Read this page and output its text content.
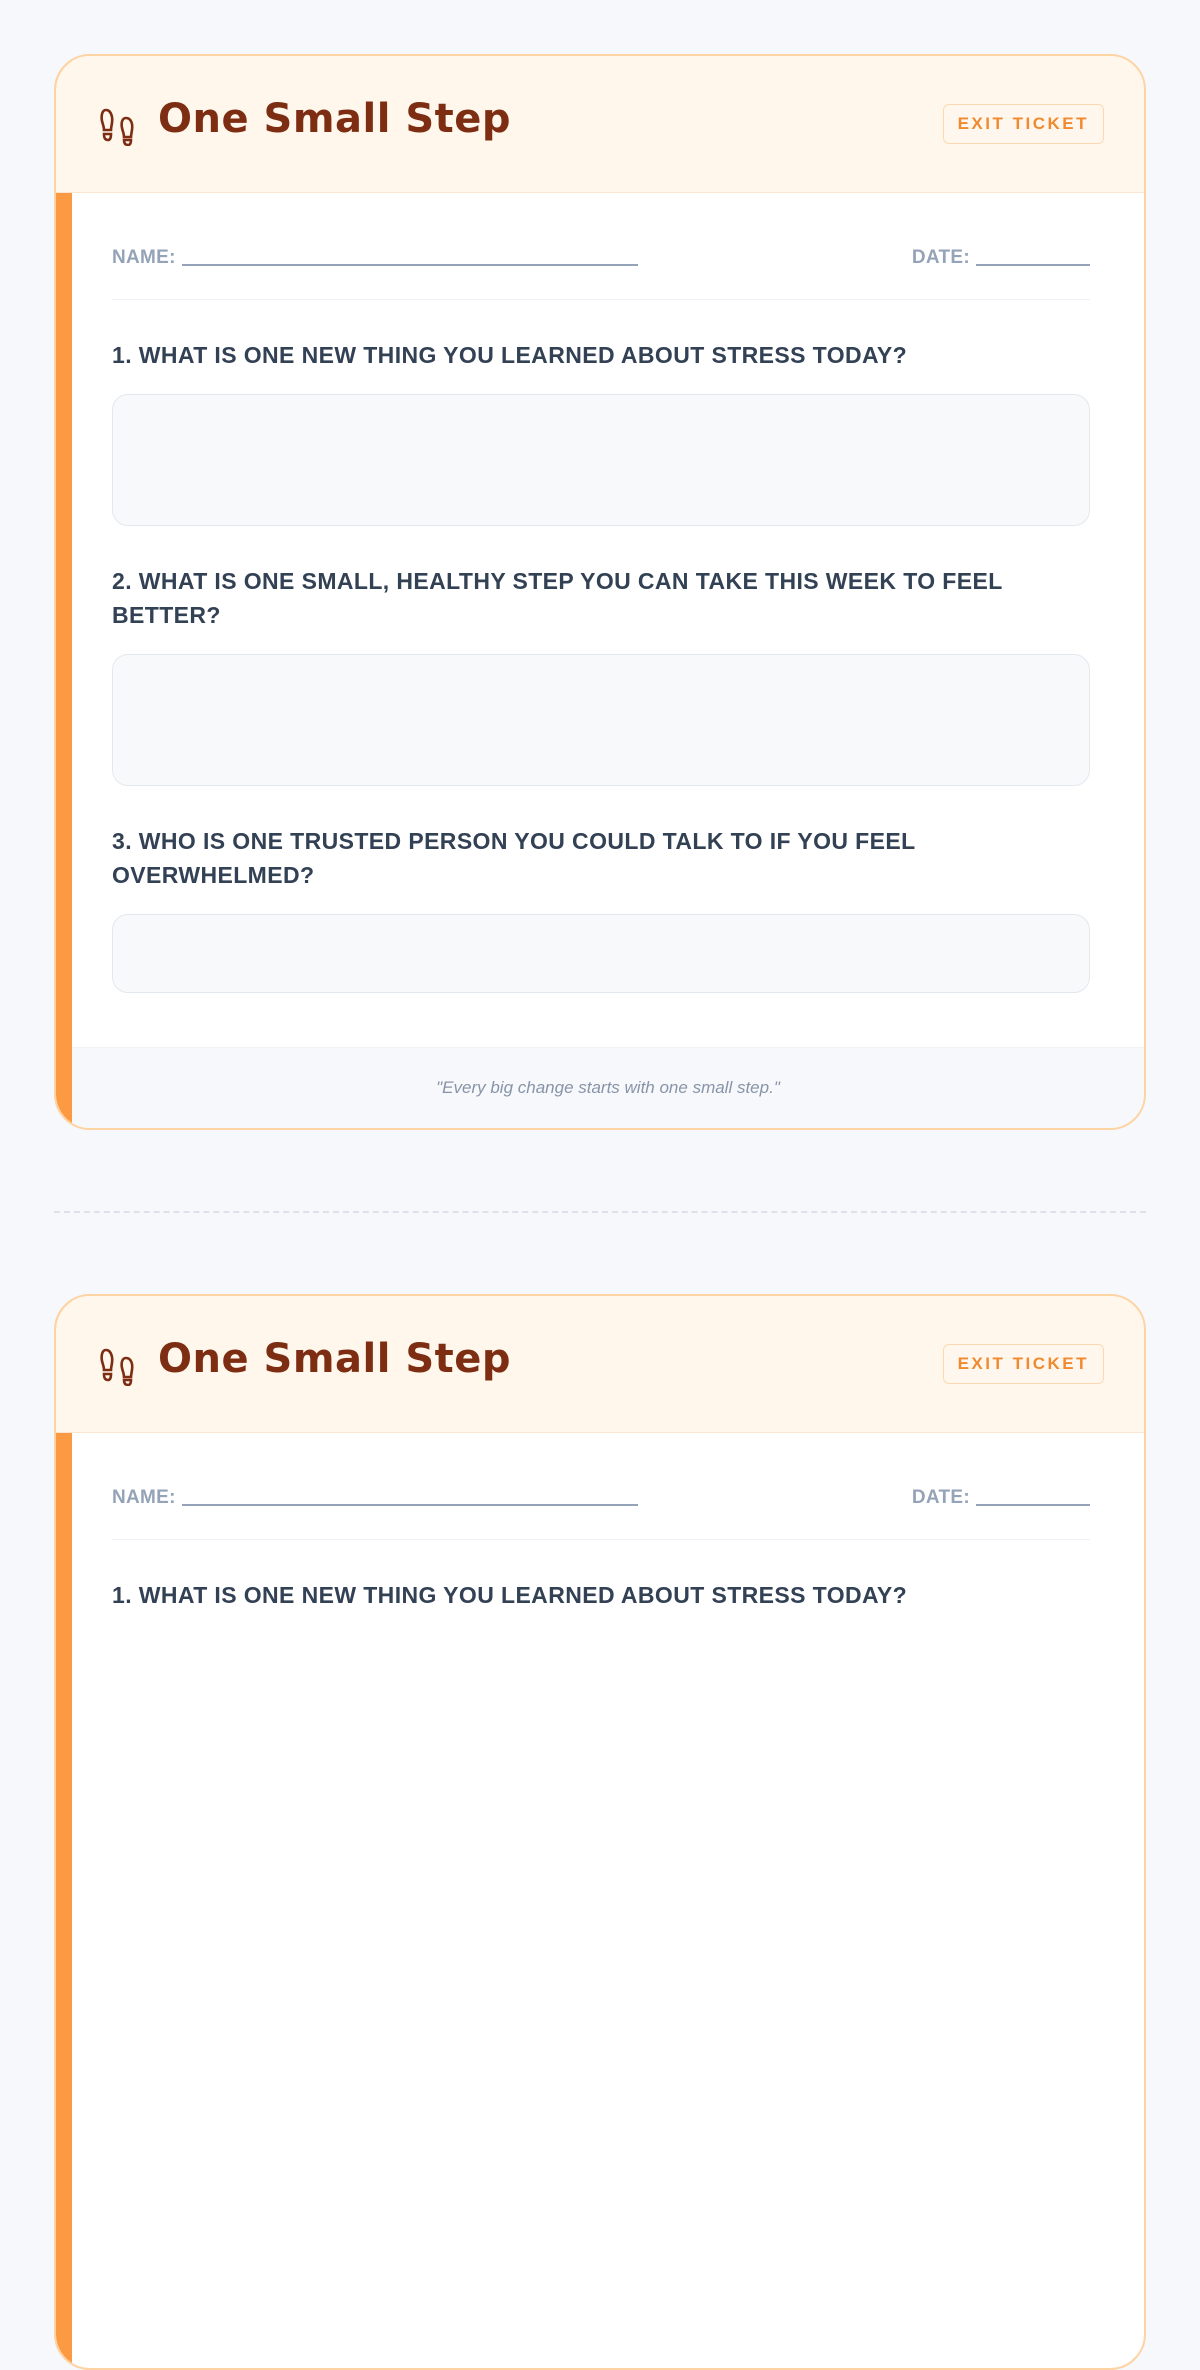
One Small Step	EXIT TICKET
NAME:	DATE:

1. WHAT IS ONE NEW THING YOU LEARNED ABOUT STRESS TODAY?

2. WHAT IS ONE SMALL, HEALTHY STEP YOU CAN TAKE THIS WEEK TO FEEL BETTER?

3. WHO IS ONE TRUSTED PERSON YOU COULD TALK TO IF YOU FEEL OVERWHELMED?

"Every big change starts with one small step."
One Small Step	EXIT TICKET
NAME:	DATE:

1. WHAT IS ONE NEW THING YOU LEARNED ABOUT STRESS TODAY?
